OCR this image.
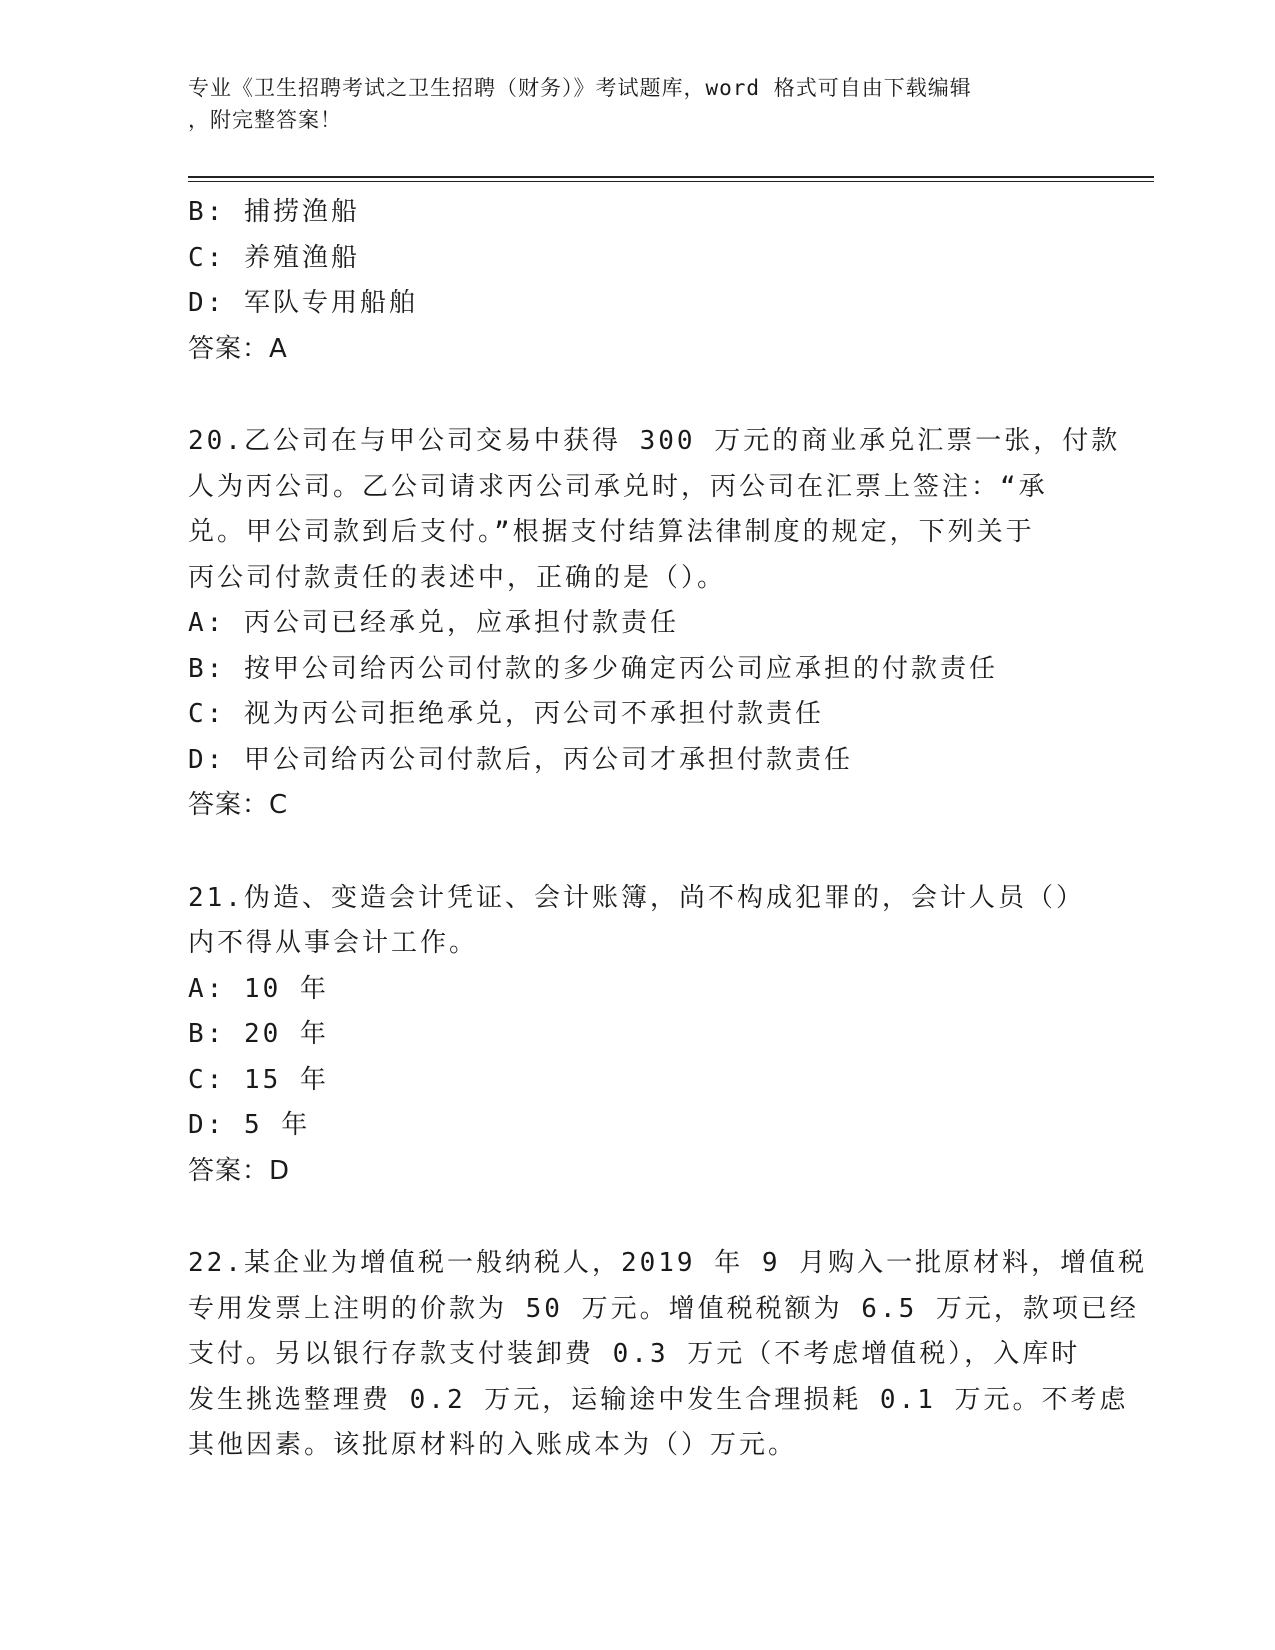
专业《卫生招聘考试之卫生招聘（财务）》考试题库，word 格式可自由下载编辑
，附完整答案！
B: 捕捞渔船
C: 养殖渔船
D: 军队专用船舶
答案：A
20.乙公司在与甲公司交易中获得 300 万元的商业承兑汇票一张，付款
人为丙公司。乙公司请求丙公司承兑时，丙公司在汇票上签注：“承
兑。甲公司款到后支付。”根据支付结算法律制度的规定，下列关于
丙公司付款责任的表述中，正确的是（）。
A: 丙公司已经承兑，应承担付款责任
B: 按甲公司给丙公司付款的多少确定丙公司应承担的付款责任
C: 视为丙公司拒绝承兑，丙公司不承担付款责任
D: 甲公司给丙公司付款后，丙公司才承担付款责任
答案：C
21.伪造、变造会计凭证、会计账簿，尚不构成犯罪的，会计人员（）
内不得从事会计工作。
A: 10 年
B: 20 年
C: 15 年
D: 5 年
答案：D
22.某企业为增值税一般纳税人，2019 年 9 月购入一批原材料，增值税
专用发票上注明的价款为 50 万元。增值税税额为 6.5 万元，款项已经
支付。另以银行存款支付装卸费 0.3 万元（不考虑增值税），入库时
发生挑选整理费 0.2 万元，运输途中发生合理损耗 0.1 万元。不考虑
其他因素。该批原材料的入账成本为（）万元。
